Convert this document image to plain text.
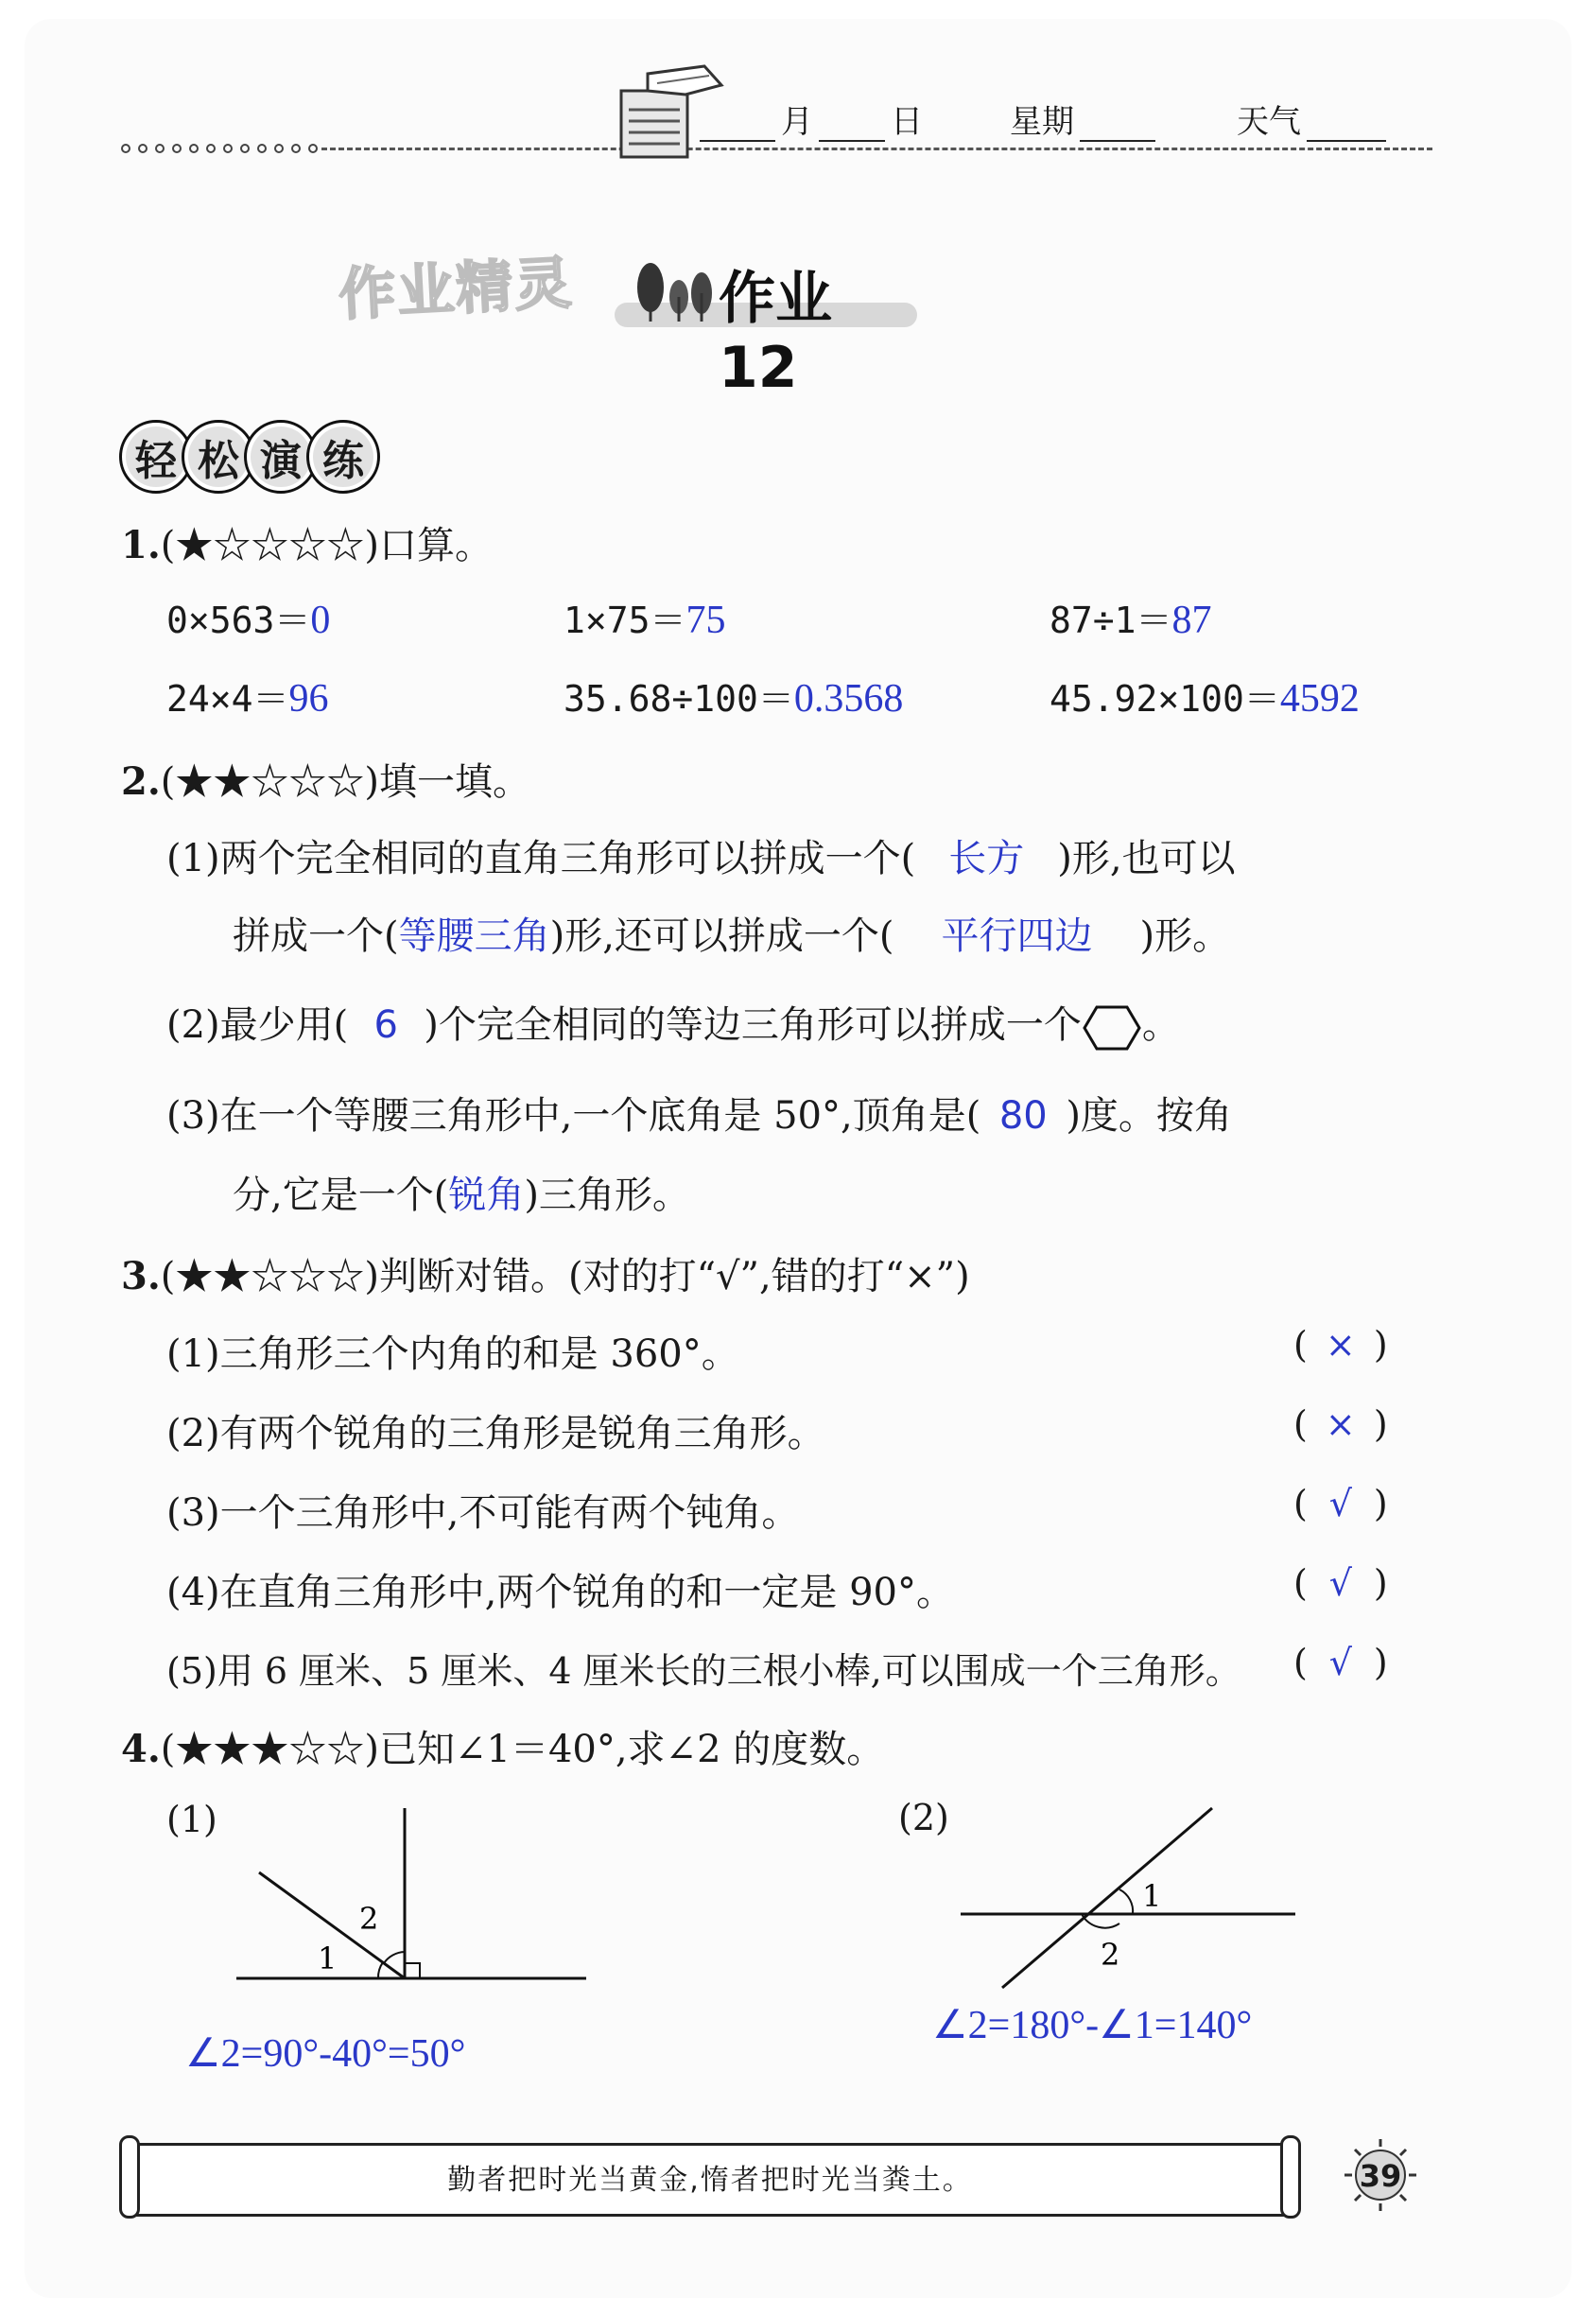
月 日	星期	天气
作业精灵	作业 12
轻 松 演 练
1.(★☆☆☆☆)口算。
0×563＝0	1×75＝75	87÷1＝87
24×4＝96	35.68÷100＝0.3568	45.92×100＝4592
2.(★★☆☆☆)填一填。
(1)两个完全相同的直角三角形可以拼成一个( 长方 )形,也可以
拼成一个(等腰三角)形,还可以拼成一个( 平行四边 )形。
(2)最少用( 6 )个完全相同的等边三角形可以拼成一个 。
(3)在一个等腰三角形中,一个底角是 50°,顶角是( 80 )度。按角
分,它是一个(锐角)三角形。
3.(★★☆☆☆)判断对错。(对的打“√”,错的打“×”)
(1)三角形三个内角的和是 360°。	( × )
(2)有两个锐角的三角形是锐角三角形。	( × )
(3)一个三角形中,不可能有两个钝角。	( √ )
(4)在直角三角形中,两个锐角的和一定是 90°。	( √ )
(5)用 6 厘米、5 厘米、4 厘米长的三根小棒,可以围成一个三角形。 ( √ )
4.(★★★☆☆)已知∠1＝40°,求∠2 的度数。
(1)
1
2
∠2=90°-40°=50°
(2)
1
2
∠2=180°-∠1=140°
勤者把时光当黄金,惰者把时光当粪土。	39
